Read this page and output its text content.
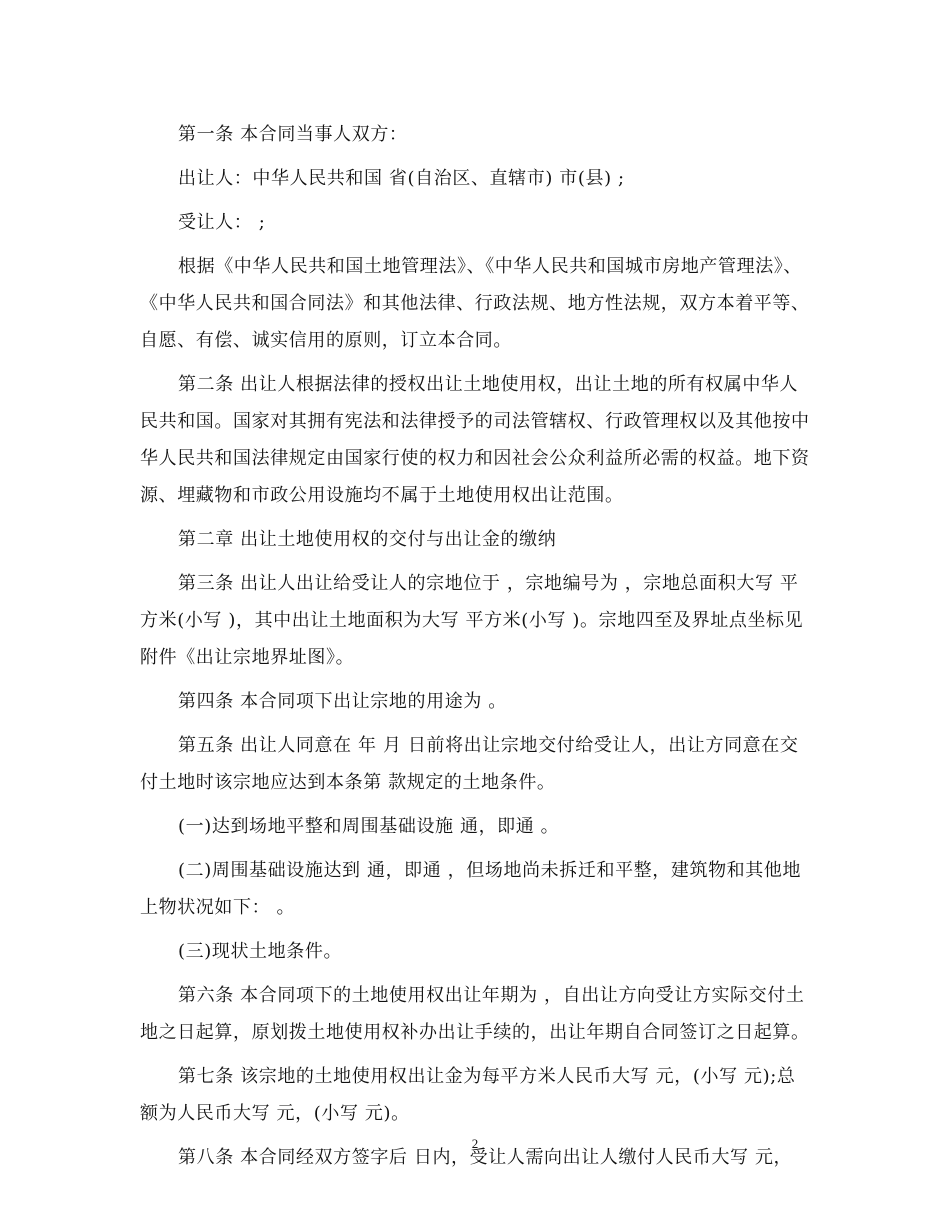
第一条 本合同当事人双方：

出让人：中华人民共和国 省(自治区、直辖市) 市(县) ;

受让人： ;

根据《中华人民共和国土地管理法》、《中华人民共和国城市房地产管理法》、《中华人民共和国合同法》和其他法律、行政法规、地方性法规，双方本着平等、自愿、有偿、诚实信用的原则，订立本合同。

第二条 出让人根据法律的授权出让土地使用权，出让土地的所有权属中华人民共和国。国家对其拥有宪法和法律授予的司法管辖权、行政管理权以及其他按中华人民共和国法律规定由国家行使的权力和因社会公众利益所必需的权益。地下资源、埋藏物和市政公用设施均不属于土地使用权出让范围。

第二章 出让土地使用权的交付与出让金的缴纳

第三条 出让人出让给受让人的宗地位于 ，宗地编号为 ，宗地总面积大写 平方米(小写 )，其中出让土地面积为大写 平方米(小写 )。宗地四至及界址点坐标见附件《出让宗地界址图》。

第四条 本合同项下出让宗地的用途为 。

第五条 出让人同意在 年 月 日前将出让宗地交付给受让人，出让方同意在交付土地时该宗地应达到本条第 款规定的土地条件。

(一)达到场地平整和周围基础设施 通，即通 。

(二)周围基础设施达到 通，即通 ，但场地尚未拆迁和平整，建筑物和其他地上物状况如下： 。

(三)现状土地条件。

第六条 本合同项下的土地使用权出让年期为 ，自出让方向受让方实际交付土地之日起算，原划拨土地使用权补办出让手续的，出让年期自合同签订之日起算。

第七条 该宗地的土地使用权出让金为每平方米人民币大写 元，(小写 元);总额为人民币大写 元，(小写 元)。

第八条 本合同经双方签字后 日内，受让人需向出让人缴付人民币大写 元，

2
